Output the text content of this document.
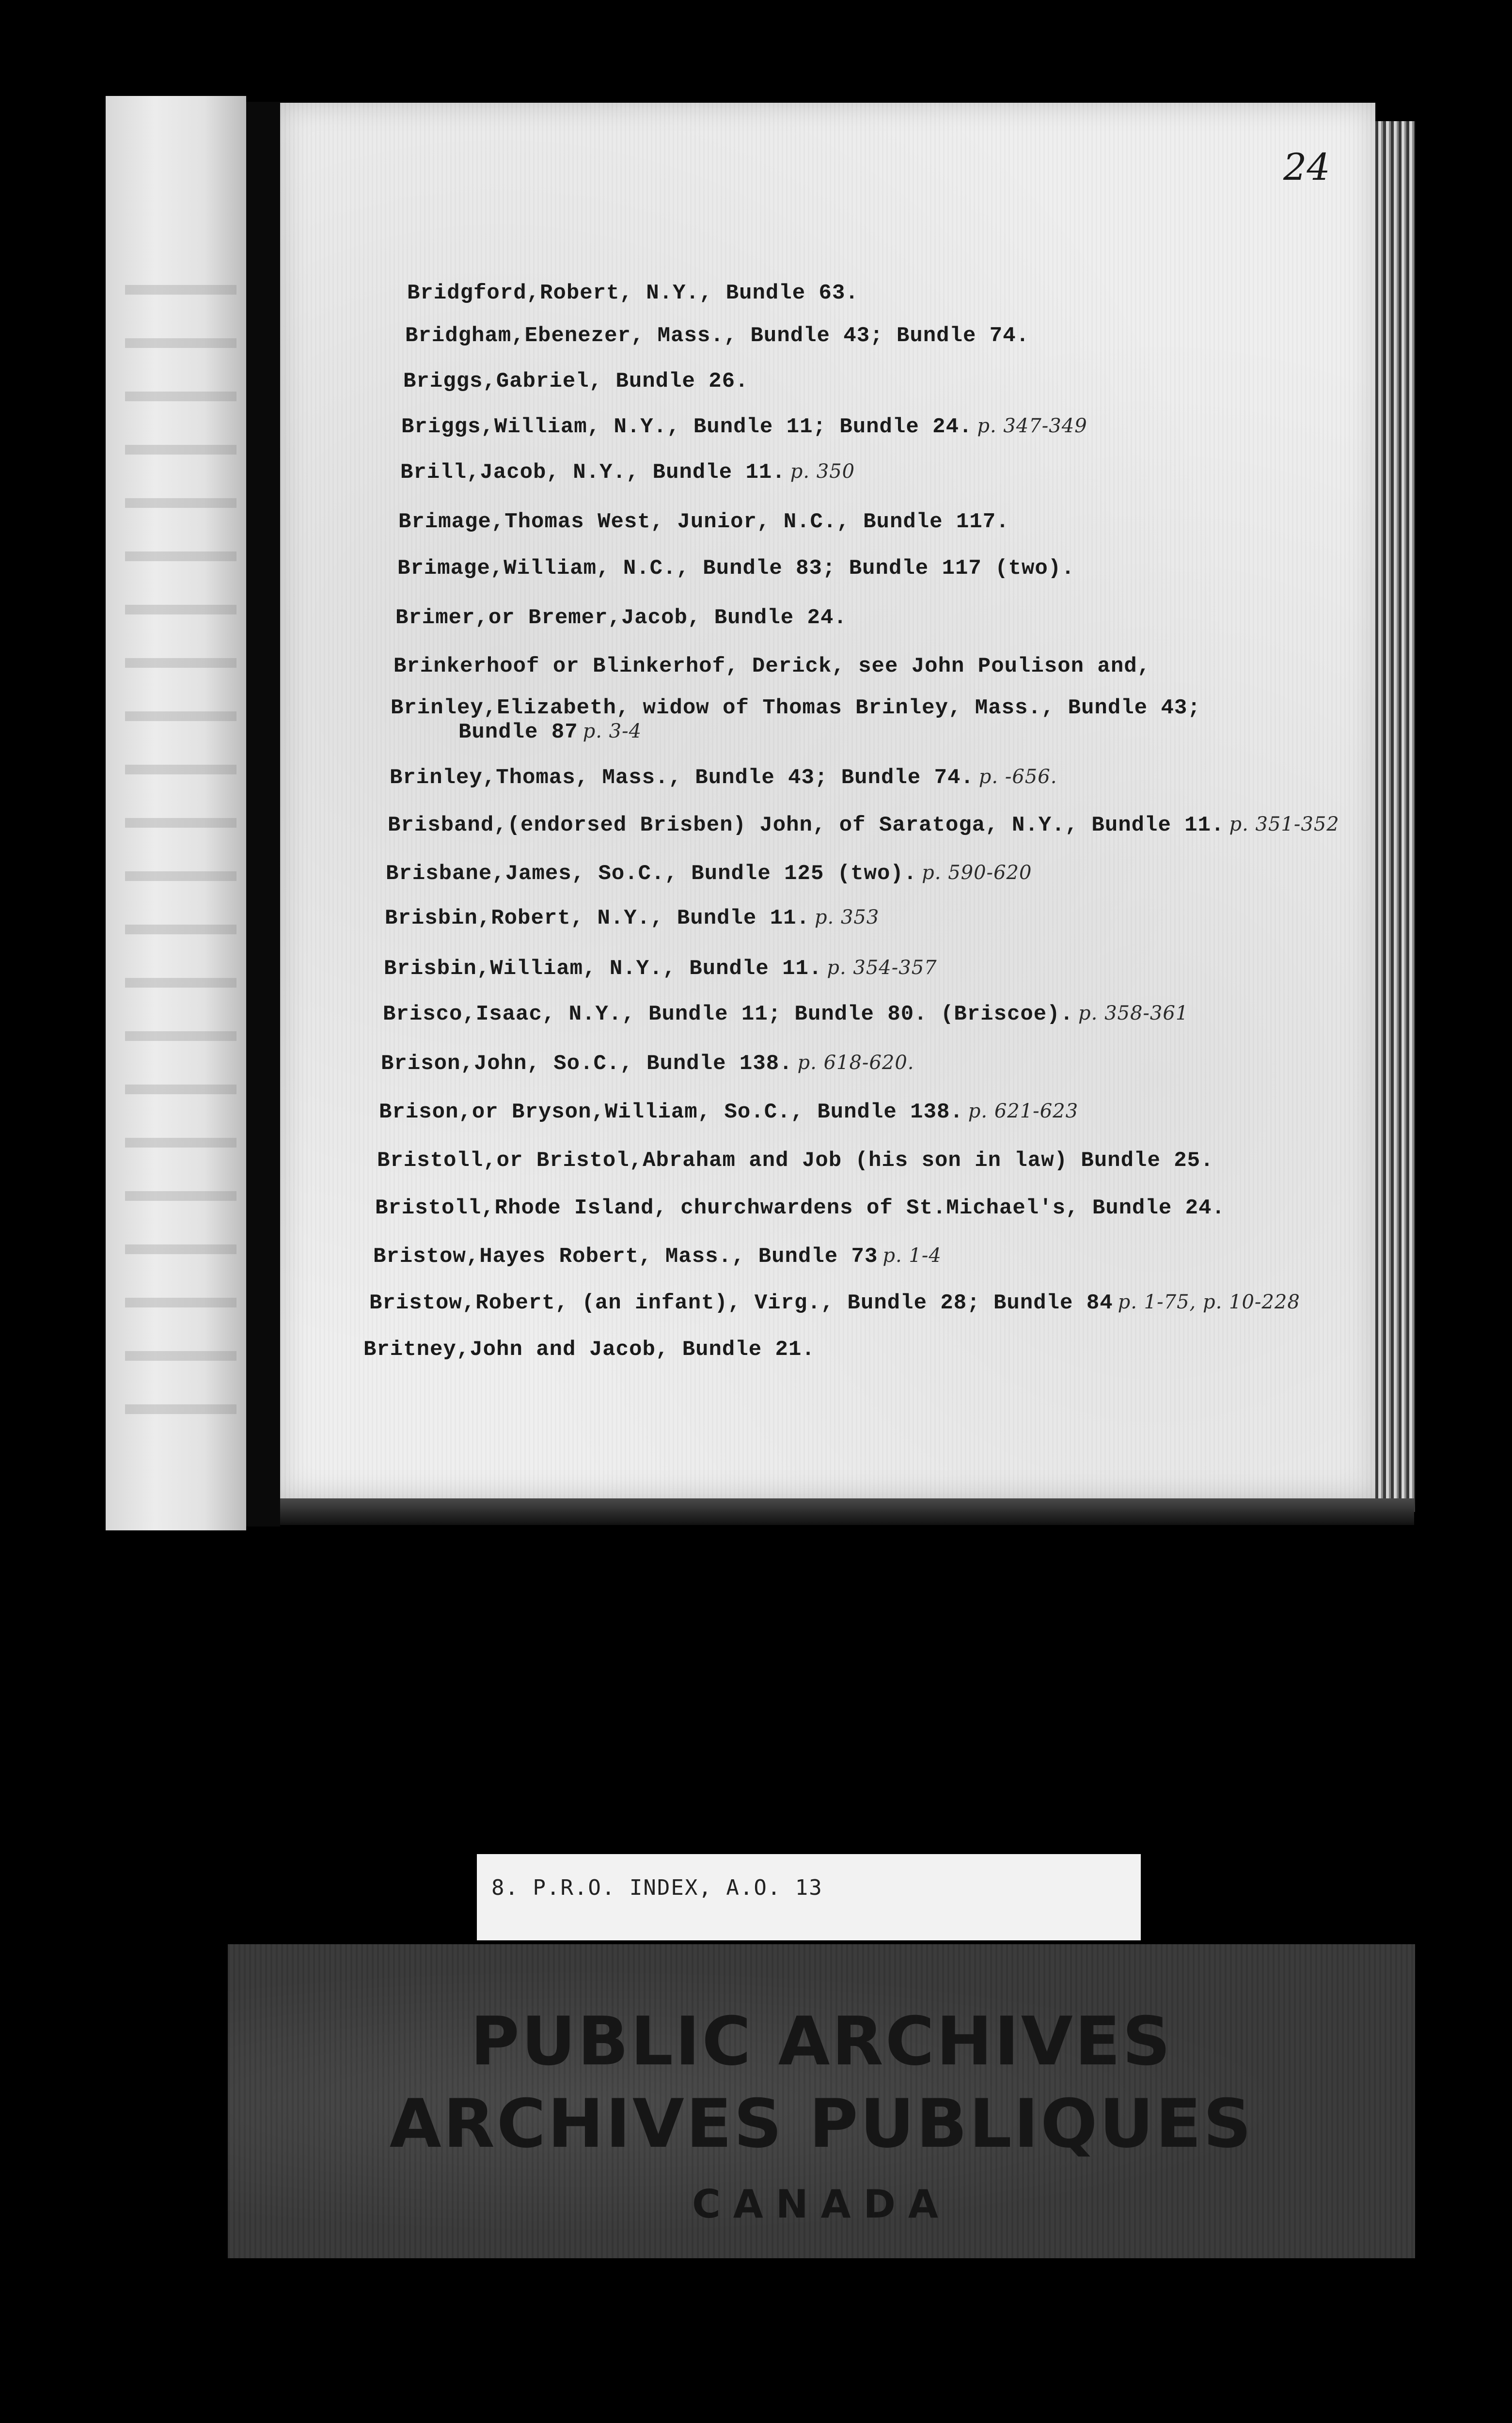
24
Bridgford,Robert, N.Y., Bundle 63.
Bridgham,Ebenezer, Mass., Bundle 43; Bundle 74.
Briggs,Gabriel, Bundle 26.
Briggs,William, N.Y., Bundle 11; Bundle 24. p. 347-349
Brill,Jacob, N.Y., Bundle 11. p. 350
Brimage,Thomas West, Junior, N.C., Bundle 117.
Brimage,William, N.C., Bundle 83; Bundle 117 (two).
Brimer,or Bremer,Jacob, Bundle 24.
Brinkerhoof or Blinkerhof, Derick, see John Poulison and,
Brinley,Elizabeth, widow of Thomas Brinley, Mass., Bundle 43;
Bundle 87 p. 3-4
Brinley,Thomas, Mass., Bundle 43; Bundle 74. p. -656.
Brisband,(endorsed Brisben) John, of Saratoga, N.Y., Bundle 11. p. 351-352
Brisbane,James, So.C., Bundle 125 (two). p. 590-620
Brisbin,Robert, N.Y., Bundle 11. p. 353
Brisbin,William, N.Y., Bundle 11. p. 354-357
Brisco,Isaac, N.Y., Bundle 11; Bundle 80. (Briscoe). p. 358-361
Brison,John, So.C., Bundle 138. p. 618-620.
Brison,or Bryson,William, So.C., Bundle 138. p. 621-623
Bristoll,or Bristol,Abraham and Job (his son in law) Bundle 25.
Bristoll,Rhode Island, churchwardens of St.Michael's, Bundle 24.
Bristow,Hayes Robert, Mass., Bundle 73 p. 1-4
Bristow,Robert, (an infant), Virg., Bundle 28; Bundle 84 p. 1-75, p. 10-228
Britney,John and Jacob, Bundle 21.
8. P.R.O. INDEX, A.O. 13
PUBLIC ARCHIVES
ARCHIVES PUBLIQUES
CANADA
